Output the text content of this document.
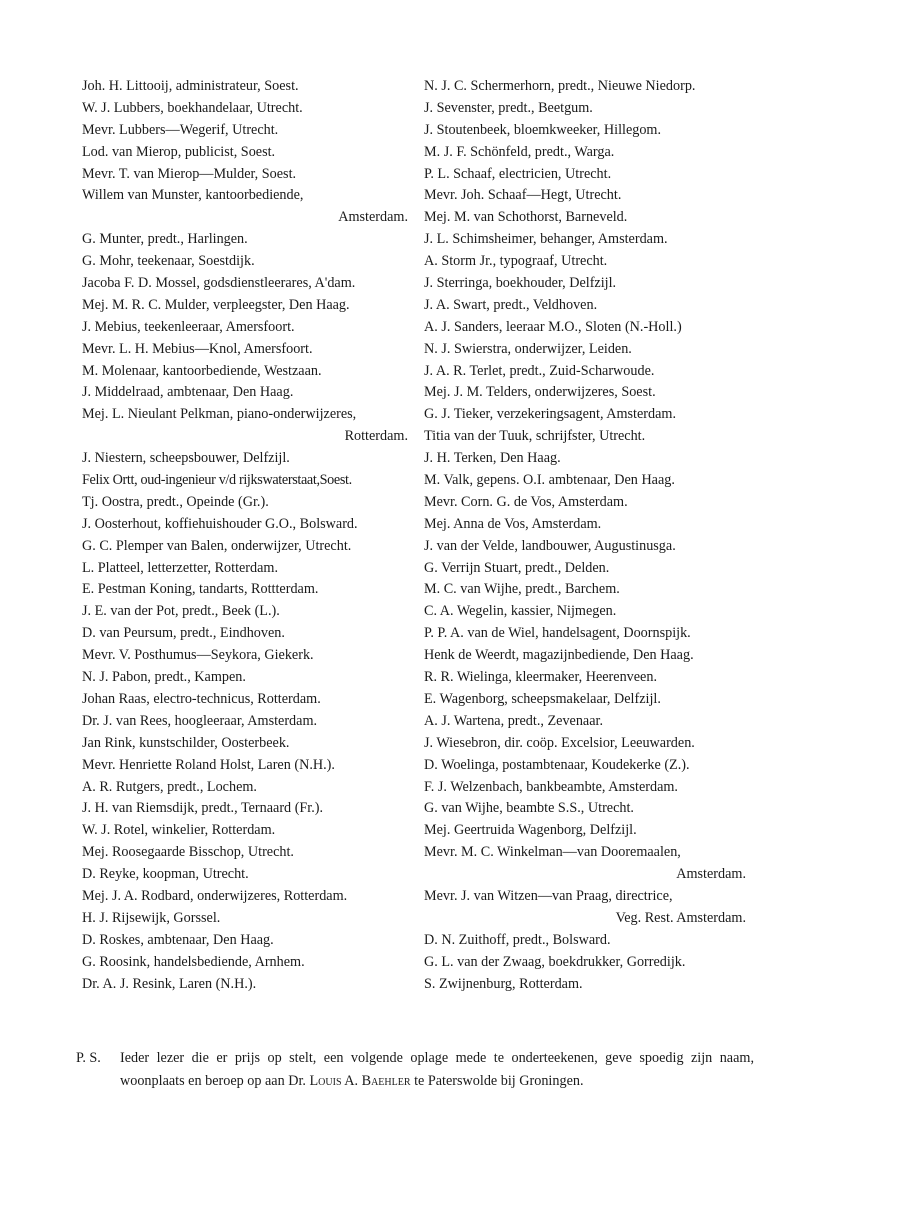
Joh. H. Littooij, administrateur, Soest.
W. J. Lubbers, boekhandelaar, Utrecht.
Mevr. Lubbers—Wegerif, Utrecht.
Lod. van Mierop, publicist, Soest.
Mevr. T. van Mierop—Mulder, Soest.
Willem van Munster, kantoorbediende,
Amsterdam.
G. Munter, predt., Harlingen.
G. Mohr, teekenaar, Soestdijk.
Jacoba F. D. Mossel, godsdienstleerares, A'dam.
Mej. M. R. C. Mulder, verpleegster, Den Haag.
J. Mebius, teekenleeraar, Amersfoort.
Mevr. L. H. Mebius—Knol, Amersfoort.
M. Molenaar, kantoorbediende, Westzaan.
J. Middelraad, ambtenaar, Den Haag.
Mej. L. Nieulant Pelkman, piano-onderwijzeres,
Rotterdam.
J. Niestern, scheepsbouwer, Delfzijl.
Felix Ortt, oud-ingenieur v/d rijkswaterstaat,Soest.
Tj. Oostra, predt., Opeinde (Gr.).
J. Oosterhout, koffiehuishouder G.O., Bolsward.
G. C. Plemper van Balen, onderwijzer, Utrecht.
L. Platteel, letterzetter, Rotterdam.
E. Pestman Koning, tandarts, Rottterdam.
J. E. van der Pot, predt., Beek (L.).
D. van Peursum, predt., Eindhoven.
Mevr. V. Posthumus—Seykora, Giekerk.
N. J. Pabon, predt., Kampen.
Johan Raas, electro-technicus, Rotterdam.
Dr. J. van Rees, hoogleeraar, Amsterdam.
Jan Rink, kunstschilder, Oosterbeek.
Mevr. Henriette Roland Holst, Laren (N.H.).
A. R. Rutgers, predt., Lochem.
J. H. van Riemsdijk, predt., Ternaard (Fr.).
W. J. Rotel, winkelier, Rotterdam.
Mej. Roosegaarde Bisschop, Utrecht.
D. Reyke, koopman, Utrecht.
Mej. J. A. Rodbard, onderwijzeres, Rotterdam.
H. J. Rijsewijk, Gorssel.
D. Roskes, ambtenaar, Den Haag.
G. Roosink, handelsbediende, Arnhem.
Dr. A. J. Resink, Laren (N.H.).
N. J. C. Schermerhorn, predt., Nieuwe Niedorp.
J. Sevenster, predt., Beetgum.
J. Stoutenbeek, bloemkweeker, Hillegom.
M. J. F. Schönfeld, predt., Warga.
P. L. Schaaf, electricien, Utrecht.
Mevr. Joh. Schaaf—Hegt, Utrecht.
Mej. M. van Schothorst, Barneveld.
J. L. Schimsheimer, behanger, Amsterdam.
A. Storm Jr., typograaf, Utrecht.
J. Sterringa, boekhouder, Delfzijl.
J. A. Swart, predt., Veldhoven.
A. J. Sanders, leeraar M.O., Sloten (N.-Holl.)
N. J. Swierstra, onderwijzer, Leiden.
J. A. R. Terlet, predt., Zuid-Scharwoude.
Mej. J. M. Telders, onderwijzeres, Soest.
G. J. Tieker, verzekeringsagent, Amsterdam.
Titia van der Tuuk, schrijfster, Utrecht.
J. H. Terken, Den Haag.
M. Valk, gepens. O.I. ambtenaar, Den Haag.
Mevr. Corn. G. de Vos, Amsterdam.
Mej. Anna de Vos, Amsterdam.
J. van der Velde, landbouwer, Augustinusga.
G. Verrijn Stuart, predt., Delden.
M. C. van Wijhe, predt., Barchem.
C. A. Wegelin, kassier, Nijmegen.
P. P. A. van de Wiel, handelsagent, Doornspijk.
Henk de Weerdt, magazijnbediende, Den Haag.
R. R. Wielinga, kleermaker, Heerenveen.
E. Wagenborg, scheepsmakelaar, Delfzijl.
A. J. Wartena, predt., Zevenaar.
J. Wiesebron, dir. coöp. Excelsior, Leeuwarden.
D. Woelinga, postambtenaar, Koudekerke (Z.).
F. J. Welzenbach, bankbeambte, Amsterdam.
G. van Wijhe, beambte S.S., Utrecht.
Mej. Geertruida Wagenborg, Delfzijl.
Mevr. M. C. Winkelman—van Dooremaalen,
Amsterdam.
Mevr. J. van Witzen—van Praag, directrice,
Veg. Rest. Amsterdam.
D. N. Zuithoff, predt., Bolsward.
G. L. van der Zwaag, boekdrukker, Gorredijk.
S. Zwijnenburg, Rotterdam.
P. S. Ieder lezer die er prijs op stelt, een volgende oplage mede te onderteekenen, geve spoedig zijn naam, woonplaats en beroep op aan Dr. Louis A. Baehler te Paterswolde bij Groningen.
